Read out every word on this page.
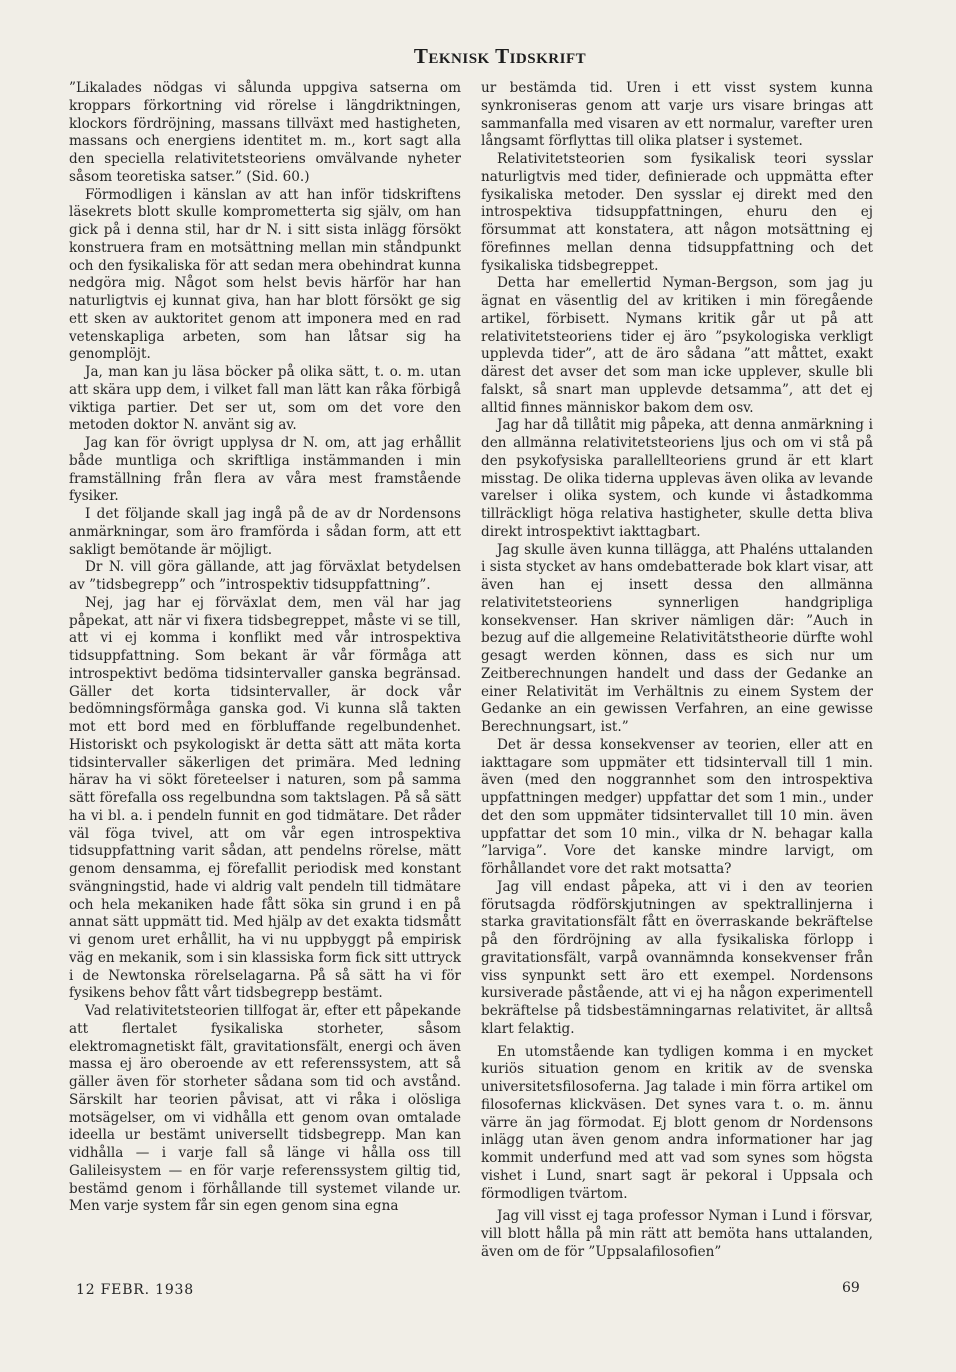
Teknisk Tidskrift

”Likalades nödgas vi sålunda uppgiva satserna om kroppars förkortning vid rörelse i längdriktningen, klockors fördröjning, massans tillväxt med hastigheten, massans och energiens identitet m. m., kort sagt alla den speciella relativitetsteoriens omvälvande nyheter såsom teoretiska satser.” (Sid. 60.)

Förmodligen i känslan av att han inför tidskriftens läsekrets blott skulle komprometterta sig själv, om han gick på i denna stil, har dr N. i sitt sista inlägg försökt konstruera fram en motsättning mellan min ståndpunkt och den fysikaliska för att sedan mera obehindrat kunna nedgöra mig. Något som helst bevis härför har han naturligtvis ej kunnat giva, han har blott försökt ge sig ett sken av auktoritet genom att imponera med en rad vetenskapliga arbeten, som han låtsar sig ha genomplöjt.

Ja, man kan ju läsa böcker på olika sätt, t. o. m. utan att skära upp dem, i vilket fall man lätt kan råka förbigå viktiga partier. Det ser ut, som om det vore den metoden doktor N. använt sig av.

Jag kan för övrigt upplysa dr N. om, att jag erhållit både muntliga och skriftliga instämmanden i min framställning från flera av våra mest framstående fysiker.

I det följande skall jag ingå på de av dr Nordensons anmärkningar, som äro framförda i sådan form, att ett sakligt bemötande är möjligt.

Dr N. vill göra gällande, att jag förväxlat betydelsen av ”tidsbegrepp” och ”introspektiv tidsuppfattning”.

Nej, jag har ej förväxlat dem, men väl har jag påpekat, att när vi fixera tidsbegreppet, måste vi se till, att vi ej komma i konflikt med vår introspektiva tidsuppfattning. Som bekant är vår förmåga att introspektivt bedöma tidsintervaller ganska begränsad. Gäller det korta tidsintervaller, är dock vår bedömningsförmåga ganska god. Vi kunna slå takten mot ett bord med en förbluffande regelbundenhet. Historiskt och psykologiskt är detta sätt att mäta korta tidsintervaller säkerligen det primära. Med ledning härav ha vi sökt företeelser i naturen, som på samma sätt förefalla oss regelbundna som taktslagen. På så sätt ha vi bl. a. i pendeln funnit en god tidmätare. Det råder väl föga tvivel, att om vår egen introspektiva tidsuppfattning varit sådan, att pendelns rörelse, mätt genom densamma, ej förefallit periodisk med konstant svängningstid, hade vi aldrig valt pendeln till tidmätare och hela mekaniken hade fått söka sin grund i en på annat sätt uppmätt tid. Med hjälp av det exakta tidsmått vi genom uret erhållit, ha vi nu uppbyggt på empirisk väg en mekanik, som i sin klassiska form fick sitt uttryck i de Newtonska rörelselagarna. På så sätt ha vi för fysikens behov fått vårt tidsbegrepp bestämt.

Vad relativitetsteorien tillfogat är, efter ett påpekande att flertalet fysikaliska storheter, såsom elektromagnetiskt fält, gravitationsfält, energi och även massa ej äro oberoende av ett referenssystem, att så gäller även för storheter sådana som tid och avstånd. Särskilt har teorien påvisat, att vi råka i olösliga motsägelser, om vi vidhålla ett genom ovan omtalade ideella ur bestämt universellt tidsbegrepp. Man kan vidhålla — i varje fall så länge vi hålla oss till Galileisystem — en för varje referenssystem giltig tid, bestämd genom i förhållande till systemet vilande ur. Men varje system får sin egen genom sina egna

ur bestämda tid. Uren i ett visst system kunna synkroniseras genom att varje urs visare bringas att sammanfalla med visaren av ett normalur, varefter uren långsamt förflyttas till olika platser i systemet.

Relativitetsteorien som fysikalisk teori sysslar naturligtvis med tider, definierade och uppmätta efter fysikaliska metoder. Den sysslar ej direkt med den introspektiva tidsuppfattningen, ehuru den ej försummat att konstatera, att någon motsättning ej förefinnes mellan denna tidsuppfattning och det fysikaliska tidsbegreppet.

Detta har emellertid Nyman-Bergson, som jag ju ägnat en väsentlig del av kritiken i min föregående artikel, förbisett. Nymans kritik går ut på att relativitetsteoriens tider ej äro ”psykologiska verkligt upplevda tider”, att de äro sådana ”att måttet, exakt därest det avser det som man icke upplever, skulle bli falskt, så snart man upplevde detsamma”, att det ej alltid finnes människor bakom dem osv.

Jag har då tillåtit mig påpeka, att denna anmärkning i den allmänna relativitetsteoriens ljus och om vi stå på den psykofysiska parallellteoriens grund är ett klart misstag. De olika tiderna upplevas även olika av levande varelser i olika system, och kunde vi åstadkomma tillräckligt höga relativa hastigheter, skulle detta bliva direkt introspektivt iakttagbart.

Jag skulle även kunna tillägga, att Phaléns uttalanden i sista stycket av hans omdebatterade bok klart visar, att även han ej insett dessa den allmänna relativitetsteoriens synnerligen handgripliga konsekvenser. Han skriver nämligen där: ”Auch in bezug auf die allgemeine Relativitätstheorie dürfte wohl gesagt werden können, dass es sich nur um Zeitberechnungen handelt und dass der Gedanke an einer Relativität im Verhältnis zu einem System der Gedanke an ein gewissen Verfahren, an eine gewisse Berechnungsart, ist.”

Det är dessa konsekvenser av teorien, eller att en iakttagare som uppmäter ett tidsintervall till 1 min. även (med den noggrannhet som den introspektiva uppfattningen medger) uppfattar det som 1 min., under det den som uppmäter tidsintervallet till 10 min. även uppfattar det som 10 min., vilka dr N. behagar kalla ”larviga”. Vore det kanske mindre larvigt, om förhållandet vore det rakt motsatta?

Jag vill endast påpeka, att vi i den av teorien förutsagda rödförskjutningen av spektrallinjerna i starka gravitationsfält fått en överraskande bekräftelse på den fördröjning av alla fysikaliska förlopp i gravitationsfält, varpå ovannämnda konsekvenser från viss synpunkt sett äro ett exempel. Nordensons kursiverade påstående, att vi ej ha någon experimentell bekräftelse på tidsbestämningarnas relativitet, är alltså klart felaktig.

En utomstående kan tydligen komma i en mycket kuriös situation genom en kritik av de svenska universitetsfilosoferna. Jag talade i min förra artikel om filosofernas klickväsen. Det synes vara t. o. m. ännu värre än jag förmodat. Ej blott genom dr Nordensons inlägg utan även genom andra informationer har jag kommit underfund med att vad som synes som högsta vishet i Lund, snart sagt är pekoral i Uppsala och förmodligen tvärtom.

Jag vill visst ej taga professor Nyman i Lund i försvar, vill blott hålla på min rätt att bemöta hans uttalanden, även om de för ”Uppsalafilosofien”

12 FEBR. 1938	69
